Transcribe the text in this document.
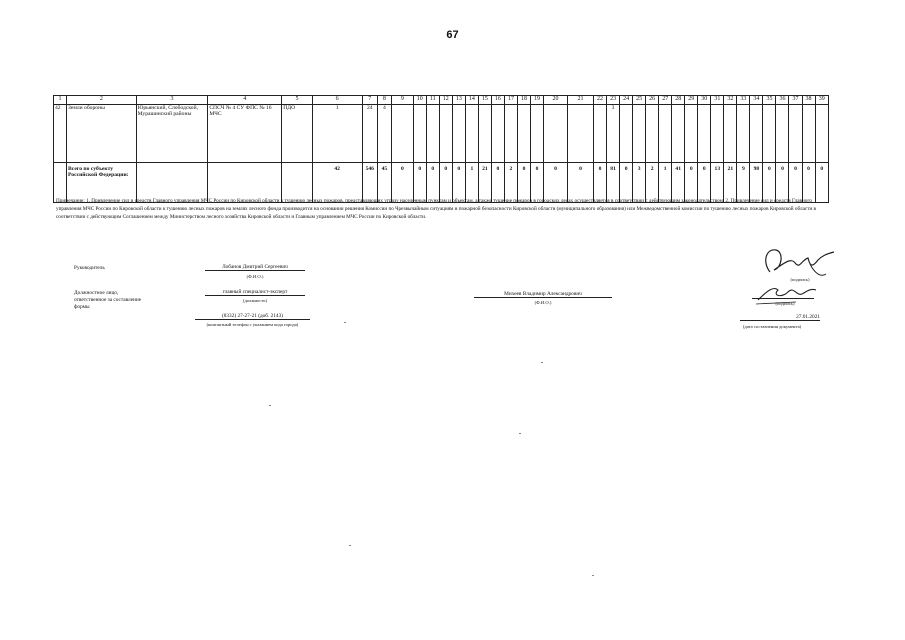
67
1	2	3	4	5	6	7	8	9	10	11	12	13	14	15	16	17	18	19	20	21	22	23	24	25	26	27	28	29	30	31	32	33	34	35	36	37	38	39
42	Земли обороны	Юрьянский, Слободской, Мурашинский районы	СПСЧ № 4 СУ ФПС № 16 МЧС	ПДО	1	24	4															3																
	Всего по субъекту Российской Федерации:				42	546	45	0	0	0	0	0	1	21	0	2	0	0	0	0	0	81	0	3	2	1	41	0	0	13	21	9	98	0	0	0	0	0
Примечание: 1. Привлечение сил и средств Главного управления МЧС России по Кировской области к тушению лесных пожаров, представляющих угрозу населенным пунктам и объектам, а также тушение пожаров в городских лесах осуществляется в соответствии с действующим законодательством. 2. Привлечение сил и средств Главного управления МЧС России по Кировской области к тушению лесных пожаров на землях лесного фонда производится на основании решения Комиссии по Чрезвычайным ситуациям и пожарной безопасности Кировской области (муниципального образования) или Межведомственной комиссии по тушению лесных пожаров Кировской области в соответствии с действующим Соглашением между Министерством лесного хозяйства Кировской области и Главным управлением МЧС России по Кировской области.
Руководитель	Лобанов Дмитрий Сергеевич
(Ф.И.О.)
Должностное лицо, ответственное за составление формы
главный специалист-эксперт
(должность)
(8332) 27-27-21 (доб. 2143)
(контактный телефон с указанием кода города)
Михеев Владимир Александрович
(Ф.И.О.)
(подпись)
(подпись)
27.01.2021
(дата составления документа)
